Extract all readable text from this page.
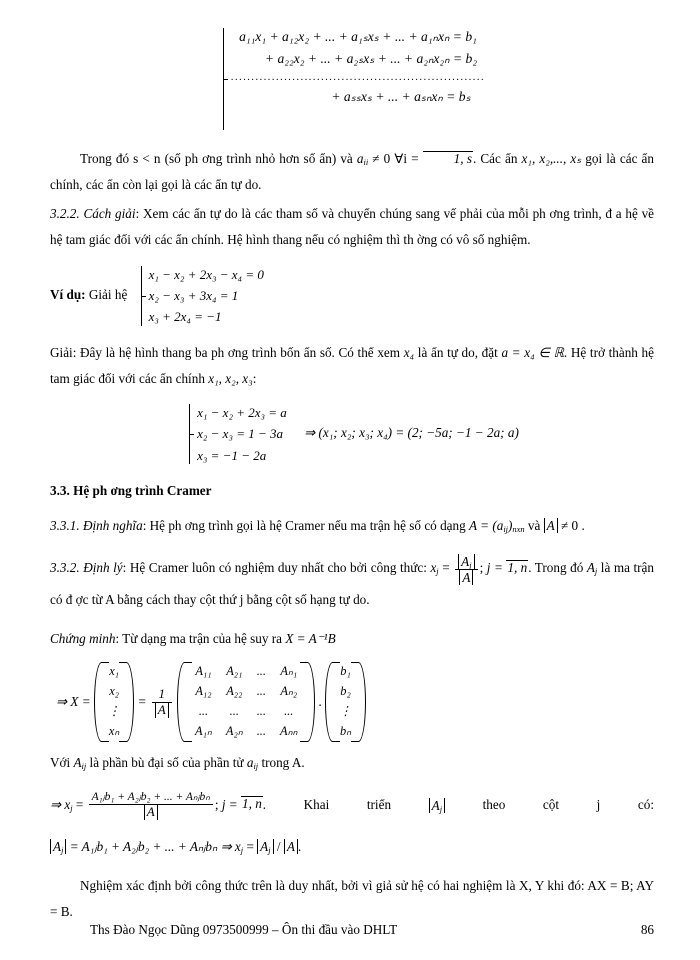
a₁₁x₁ + a₁₂x₂ + ... + a₁ₛxₛ + ... + a₁ₙxₙ = b₁
+ a₂₂x₂ + ... + a₂ₛxₛ + ... + a₂ₙx₂ₙ = b₂
..............................................................
+ aₛₛxₛ + ... + aₛₙxₙ = bₛ

Trong đó s < n (số ph ơng trình nhỏ hơn số ẩn) và $a_{ii} \ne 0$ ∀i = 1, s. Các ẩn x₁, x₂,..., xₛ gọi là các ẩn chính, các ẩn còn lại gọi là các ẩn tự do.

3.2.2. Cách giải: Xem các ẩn tự do là các tham số và chuyển chúng sang vế phải của mỗi ph ơng trình, đ a hệ về hệ tam giác đối với các ẩn chính. Hệ hình thang nếu có nghiệm thì th ờng có vô số nghiệm.

Ví dụ: Giải hệ
x₁ − x₂ + 2x₃ − x₄ = 0
x₂ − x₃ + 3x₄ = 1
x₃ + 2x₄ = −1

Giải: Đây là hệ hình thang ba ph ơng trình bốn ẩn số. Có thể xem x₄ là ẩn tự do, đặt a = x₄ ∈ ℝ. Hệ trở thành hệ tam giác đối với các ẩn chính x₁, x₂, x₃:

x₁ − x₂ + 2x₃ = a
x₂ − x₃ = 1 − 3a
x₃ = −1 − 2a
⇒ (x₁; x₂; x₃; x₄) = (2; −5a; −1 − 2a; a)
3.3. Hệ ph ơng trình Cramer

3.3.1. Định nghĩa: Hệ ph ơng trình gọi là hệ Cramer nếu ma trận hệ số có dạng $A = (a_{ij})_{nxn}$ và A ≠ 0 .

3.3.2. Định lý: Hệ Cramer luôn có nghiệm duy nhất cho bởi công thức: $x_j = \frac{A_j}{A}$ ; j = 1, n. Trong đó $A_j$ là ma trận có đ ợc từ A bằng cách thay cột thứ j bằng cột số hạng tự do.

Chứng minh: Từ dạng ma trận của hệ suy ra X = A⁻¹B

⇒ X =
x₁
x₂
⋮
xₙ
= $\frac{1}{A}$

A₁₁	A₂₁	...	Aₙ₁
A₁₂	A₂₂	...	Aₙ₂
...	...	...	...
A₁ₙ	A₂ₙ	...	Aₙₙ
.
b₁
b₂
⋮
bₙ

Với $A_{ij}$ là phần bù đại số của phần tử $a_{ij}$ trong A.

⇒ $x_j = \frac{\text{A₁ⱼb₁ + A₂ⱼb₂ + ... + Aₙⱼbₙ}}{A}$ ; j = 1, n.	Khai	triển	$A_j$	theo	cột	j	có:

$A_j$ = A₁ⱼb₁ + A₂ⱼb₂ + ... + Aₙⱼbₙ ⇒ $x_j = A_j / A$ .

Nghiệm xác định bởi công thức trên là duy nhất, bởi vì giả sử hệ có hai nghiệm là X, Y khi đó: AX = B; AY = B.

Ths Đào Ngọc Dũng 0973500999 – Ôn thi đầu vào DHLT	86
